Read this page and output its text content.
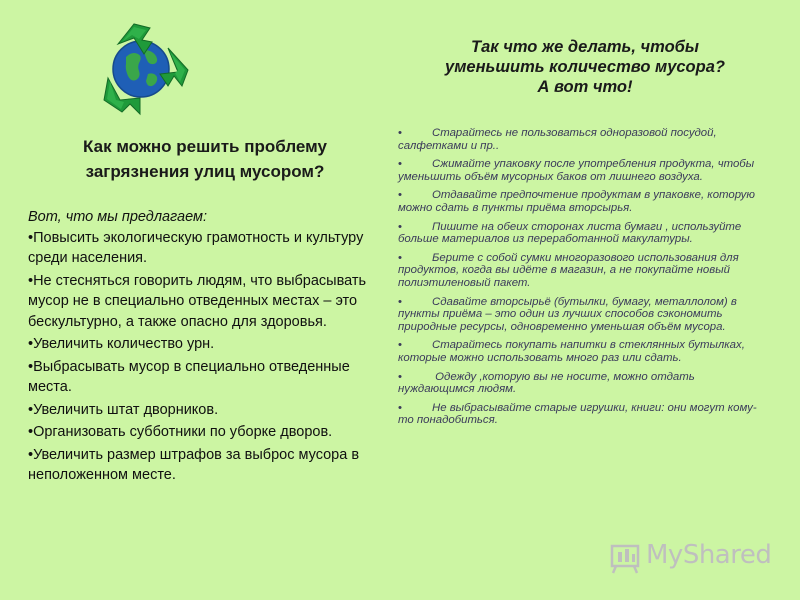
Как можно решить проблему загрязнения улиц мусором?

Вот, что мы предлагаем:

• Повысить экологическую грамотность и культуру среди населения.
• Не стесняться говорить людям, что выбрасывать мусор не в специально отведенных местах – это бескультурно, а также опасно для здоровья.
• Увеличить количество урн.
• Выбрасывать мусор в специально отведенные места.
• Увеличить штат дворников.
• Организовать субботники по уборке дворов.
• Увеличить размер штрафов за выброс мусора в неположенном месте.
Так что же делать, чтобы
уменьшить количество мусора?
А вот что!
•	Старайтесь не пользоваться одноразовой посудой, салфетками и пр..
•	Сжимайте упаковку после употребления продукта, чтобы уменьшить объём мусорных баков от лишнего воздуха.
•	Отдавайте предпочтение продуктам в упаковке, которую можно сдать в пункты приёма вторсырья.
•	Пишите на обеих сторонах листа бумаги , используйте больше материалов из переработанной макулатуры.
•	Берите с собой сумки многоразового использования для продуктов, когда вы идёте в магазин, а не покупайте новый полиэтиленовый пакет.
•	Сдавайте вторсырьё (бутылки, бумагу, металлолом) в пункты приёма – это один из лучших способов сэкономить природные ресурсы, одновременно уменьшая объём мусора.
•	Старайтесь покупать напитки в стеклянных бутылках, которые можно использовать много раз или сдать.
•	Одежду ,которую вы не носите, можно отдать нуждающимся людям.
•	Не выбрасывайте старые игрушки, книги: они могут кому-то понадобиться.
MyShared
